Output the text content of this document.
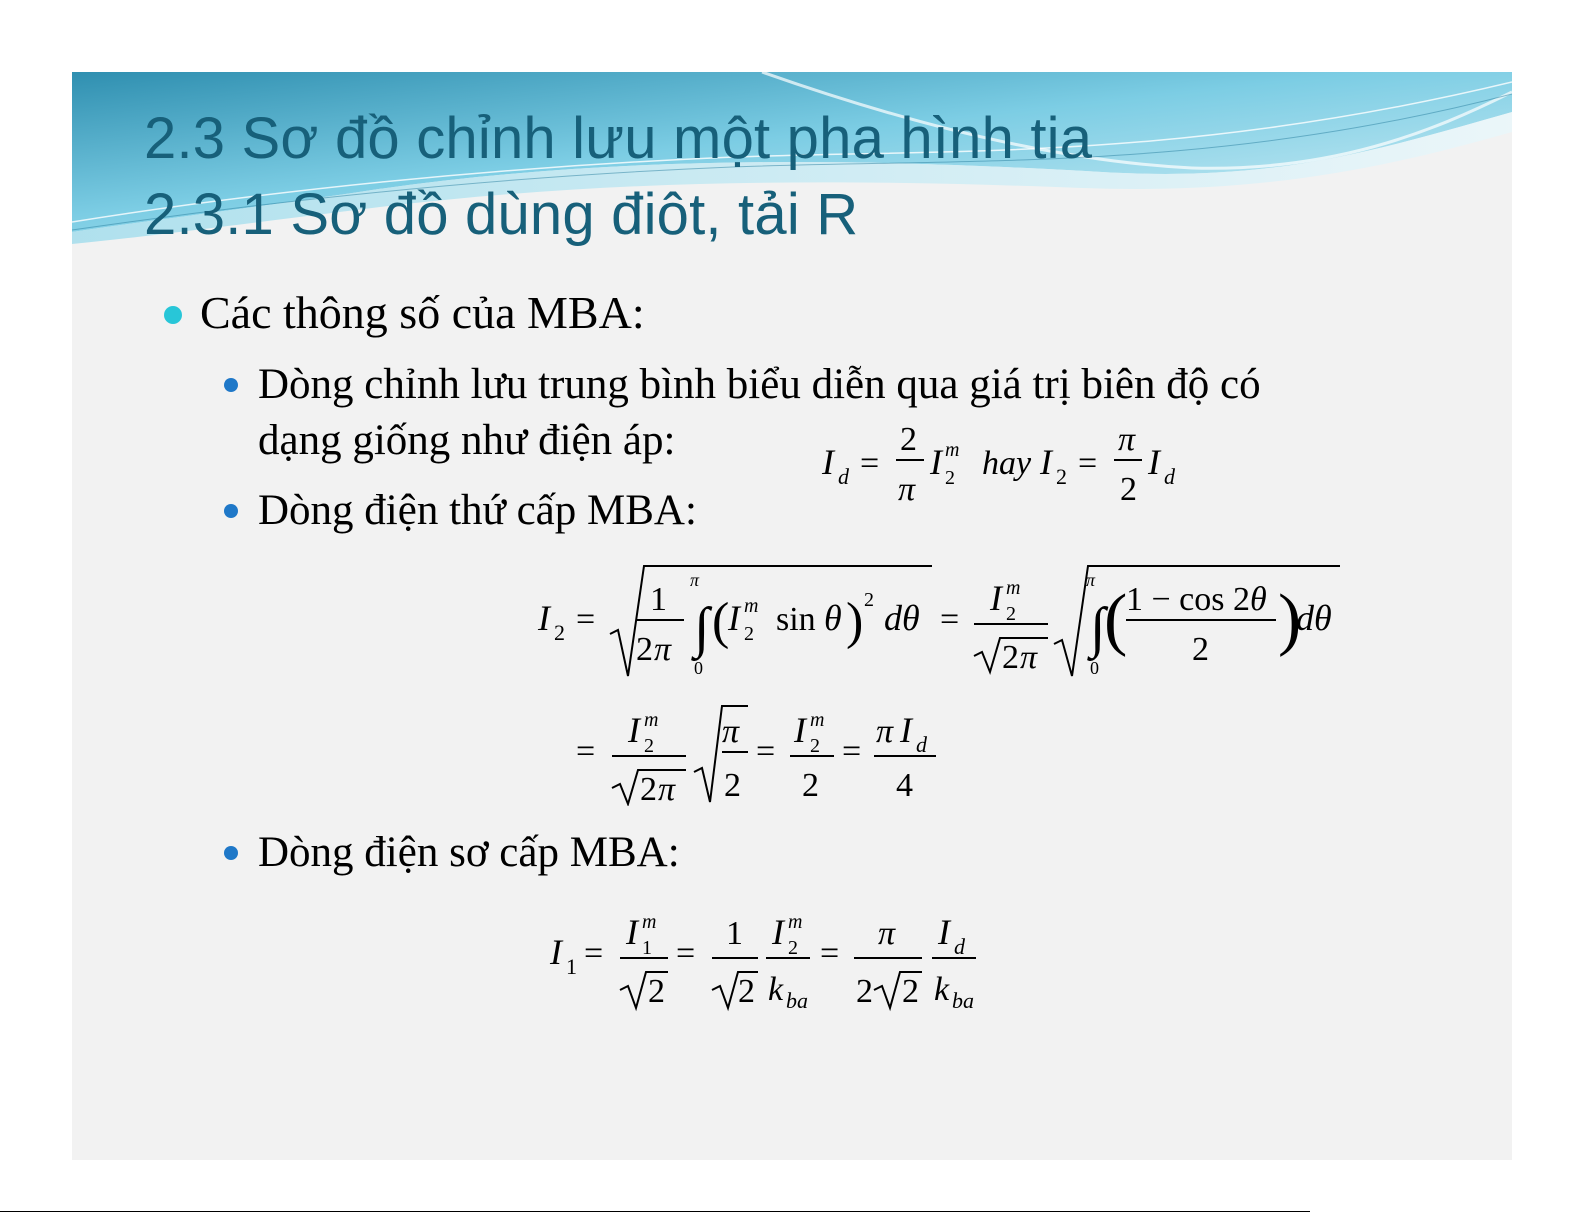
2.3 Sơ đồ chỉnh lưu một pha hình tia
2.3.1 Sơ đồ dùng điôt, tải R
Các thông số của MBA:
Dòng chỉnh lưu trung bình biểu diễn qua giá trị biên độ có
dạng giống như điện áp:	I d =
2
π
I m
2 hay I 2 =
π
2
I d
Dòng điện thứ cấp MBA:
I 2 =
1
2 π
π
∫
0
(
I m
2 sin θ ) 2 dθ =
I m
2
2 π
π
∫
0
(
1 − cos 2 θ
2 )
dθ
=
I m
2
2 π
π
2
=
I m
2
2
=
π I d
4
Dòng điện sơ cấp MBA:
I 1 =
I m
1
2
=
1
2
I m
2
k ba
=
π
2 2
I d
k ba
